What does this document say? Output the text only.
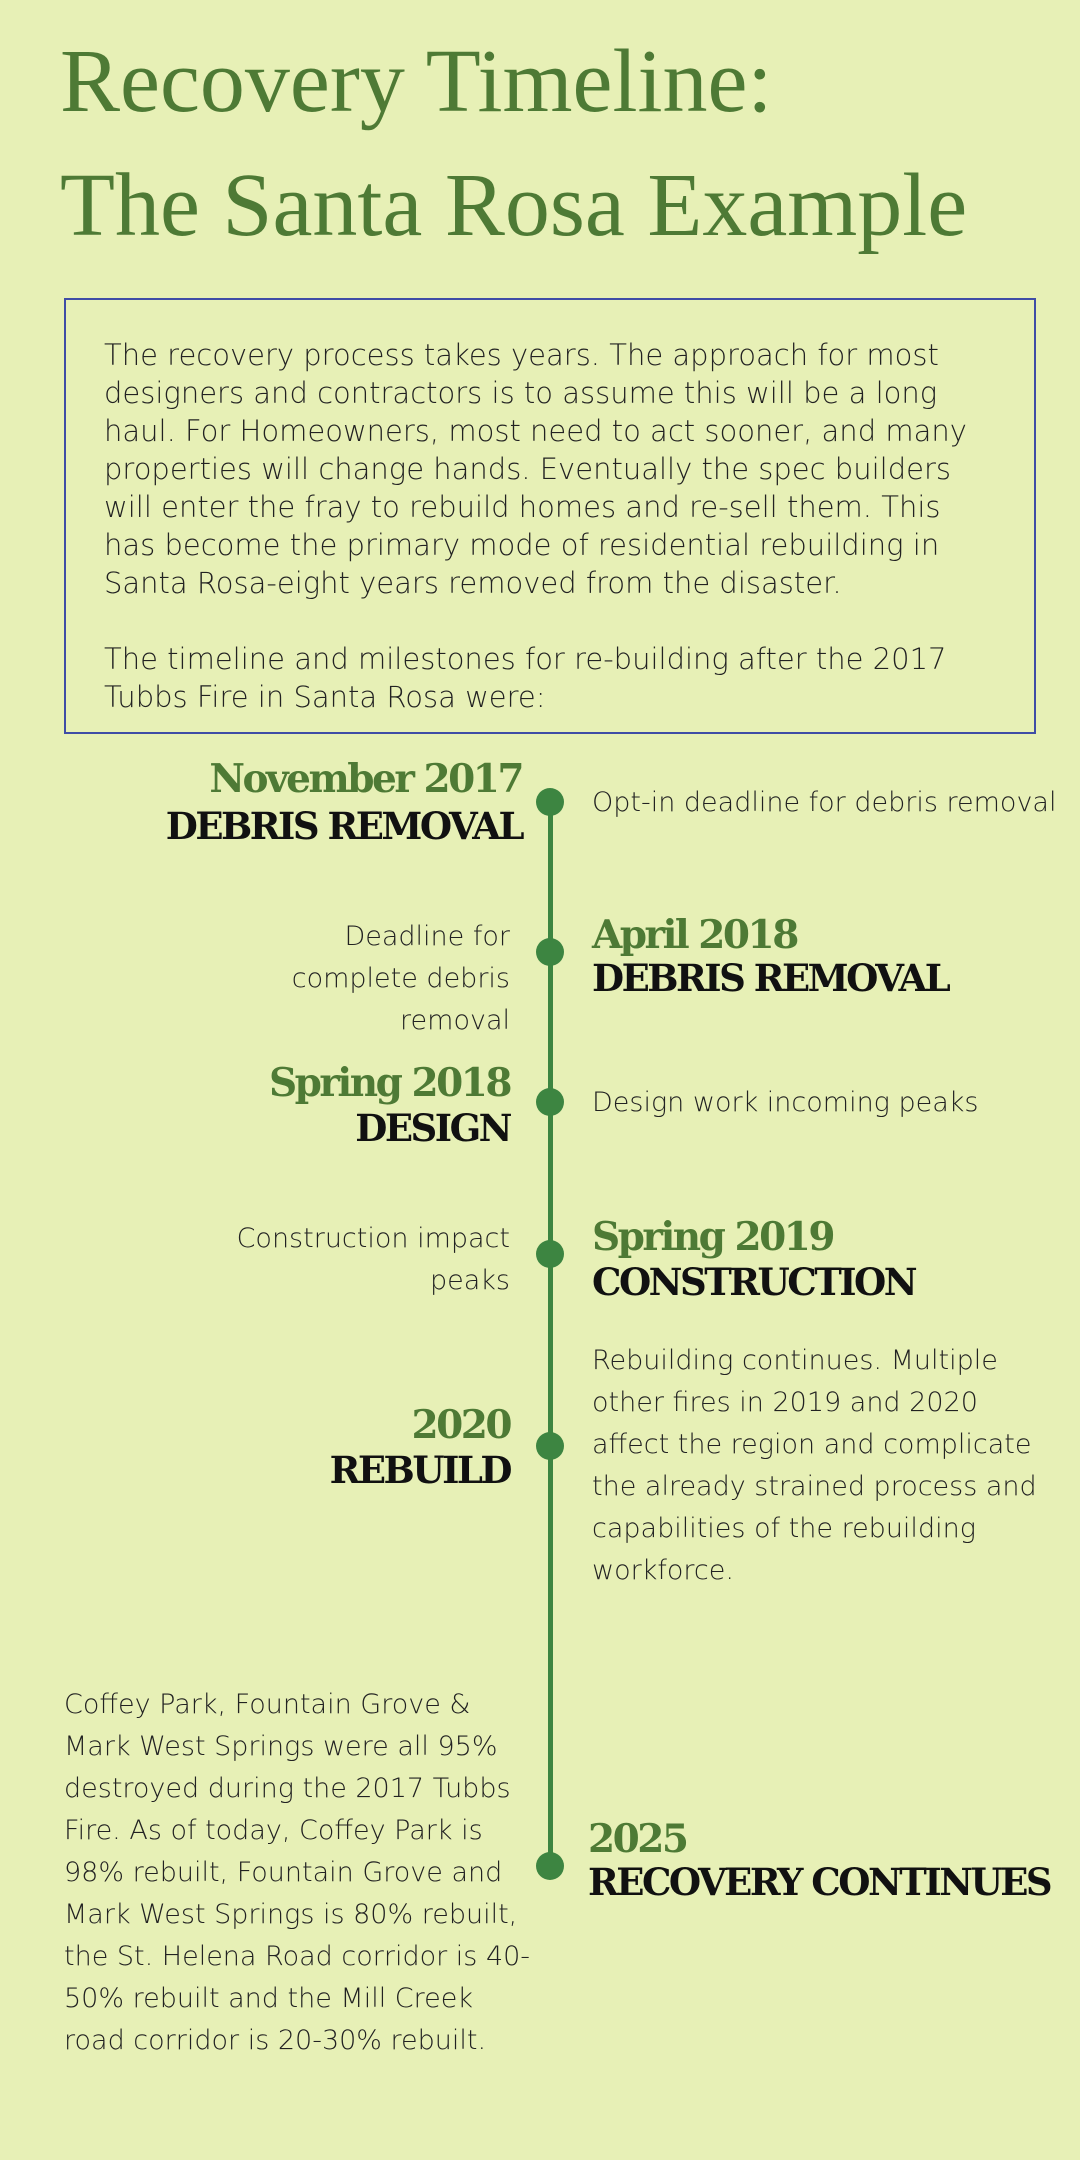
Recovery Timeline:
The Santa Rosa Example

The recovery process takes years. The approach for most designers and contractors is to assume this will be a long haul. For Homeowners, most need to act sooner, and many properties will change hands. Eventually the spec builders will enter the fray to rebuild homes and re-sell them. This has become the primary mode of residential rebuilding in Santa Rosa-eight years removed from the disaster.

The timeline and milestones for re-building after the 2017 Tubbs Fire in Santa Rosa were:

November 2017
DEBRIS REMOVAL
Opt-in deadline for debris removal
Deadline for complete debris removal
April 2018
DEBRIS REMOVAL
Spring 2018
DESIGN
Design work incoming peaks
Construction impact peaks
Spring 2019
CONSTRUCTION
2020
REBUILD
Rebuilding continues. Multiple other fires in 2019 and 2020 affect the region and complicate the already strained process and capabilities of the rebuilding workforce.
Coffey Park, Fountain Grove & Mark West Springs were all 95% destroyed during the 2017 Tubbs Fire. As of today, Coffey Park is 98% rebuilt, Fountain Grove and Mark West Springs is 80% rebuilt, the St. Helena Road corridor is 40-50% rebuilt and the Mill Creek road corridor is 20-30% rebuilt.
2025
RECOVERY CONTINUES
